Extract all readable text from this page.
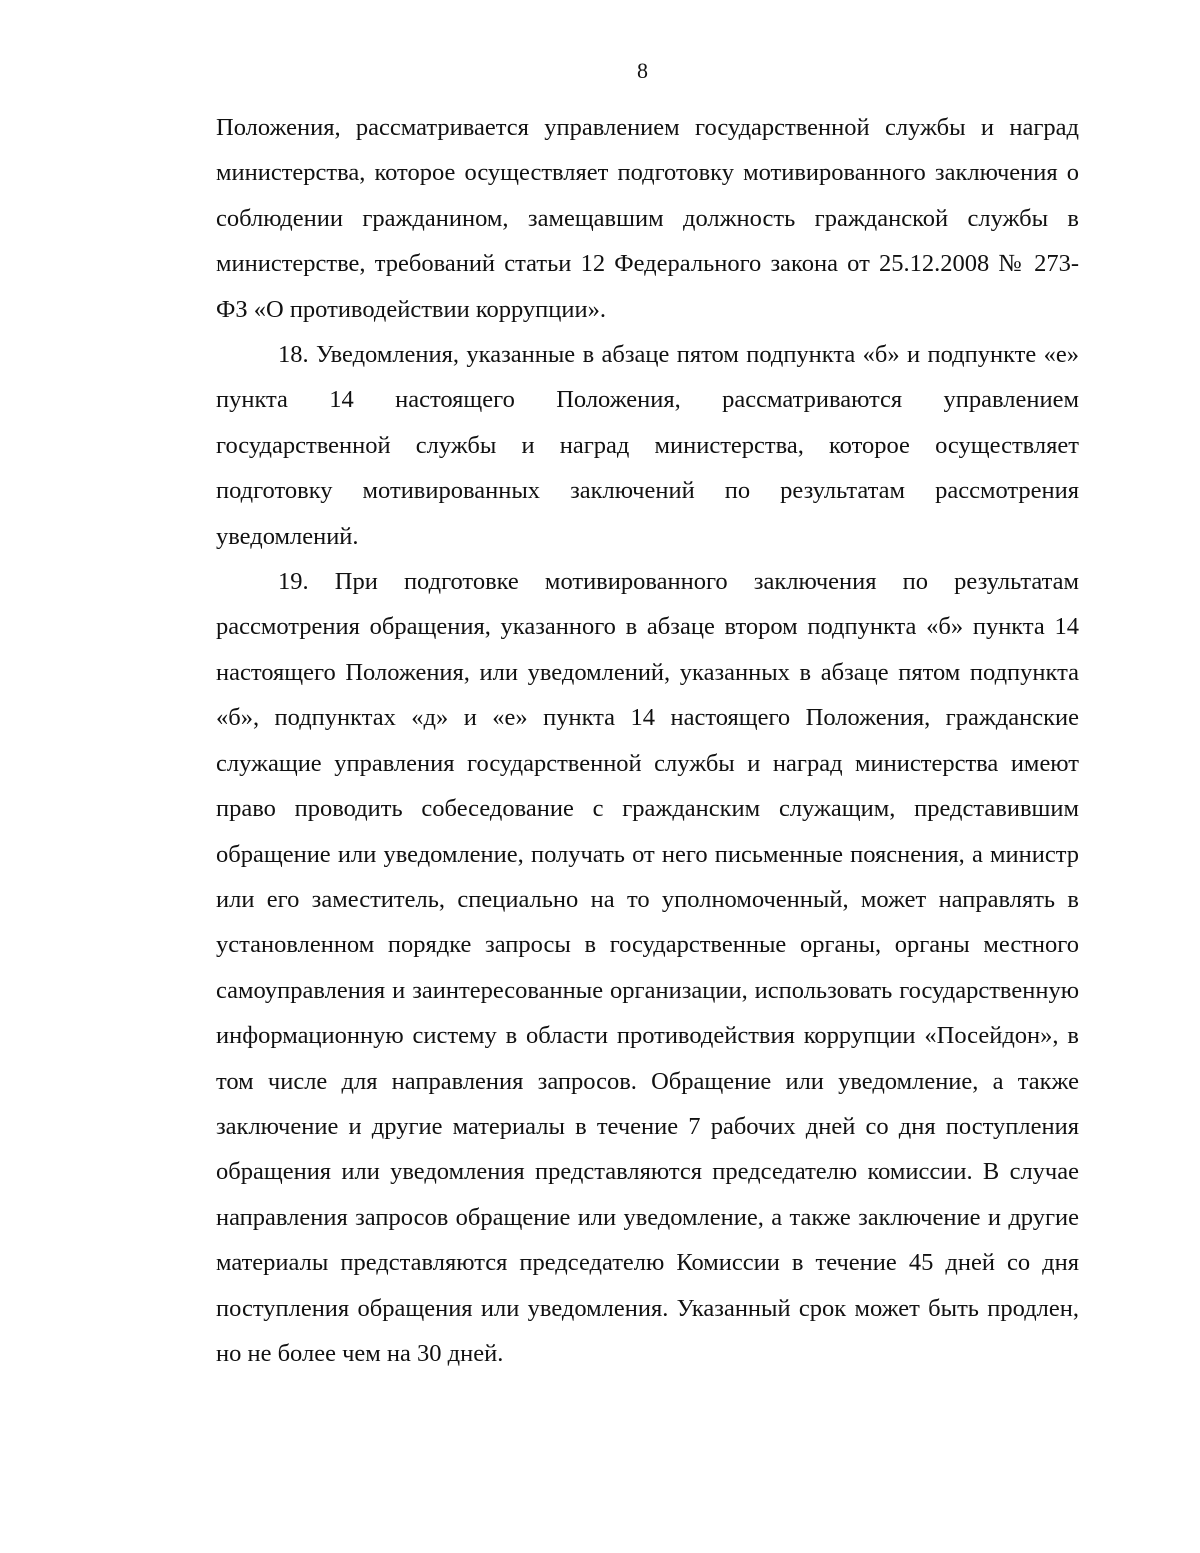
8

Положения, рассматривается управлением государственной службы и наград министерства, которое осуществляет подготовку мотивированного заключения о соблюдении гражданином, замещавшим должность гражданской службы в министерстве, требований статьи 12 Федерального закона от 25.12.2008 № 273-ФЗ «О противодействии коррупции».

18. Уведомления, указанные в абзаце пятом подпункта «б» и подпункте «е» пункта 14 настоящего Положения, рассматриваются управлением государственной службы и наград министерства, которое осуществляет подготовку мотивированных заключений по результатам рассмотрения уведомлений.

19. При подготовке мотивированного заключения по результатам рассмотрения обращения, указанного в абзаце втором подпункта «б» пункта 14 настоящего Положения, или уведомлений, указанных в абзаце пятом подпункта «б», подпунктах «д» и «е» пункта 14 настоящего Положения, гражданские служащие управления государственной службы и наград министерства имеют право проводить собеседование с гражданским служащим, представившим обращение или уведомление, получать от него письменные пояснения, а министр или его заместитель, специально на то уполномоченный, может направлять в установленном порядке запросы в государственные органы, органы местного самоуправления и заинтересованные организации, использовать государственную информационную систему в области противодействия коррупции «Посейдон», в том числе для направления запросов. Обращение или уведомление, а также заключение и другие материалы в течение 7 рабочих дней со дня поступления обращения или уведомления представляются председателю комиссии. В случае направления запросов обращение или уведомление, а также заключение и другие материалы представляются председателю Комиссии в течение 45 дней со дня поступления обращения или уведомления. Указанный срок может быть продлен, но не более чем на 30 дней.
